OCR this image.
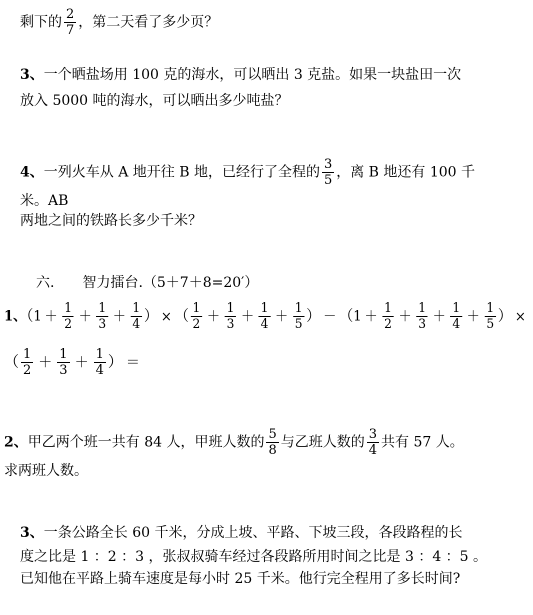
剩下的 $\frac{2}{7}$ ，第二天看了多少页？
3、一个晒盐场用 100 克的海水，可以晒出 3 克盐。如果一块盐田一次
放入 5000 吨的海水，可以晒出多少吨盐？
4、一列火车从 A 地开往 B 地，已经行了全程的 $\frac{3}{5}$ ，离 B 地还有 100 千
米。AB
两地之间的铁路长多少千米？
六. 智力擂台.（5＋7＋8=20′）
1、（$1 + \frac{1}{2} + \frac{1}{3} + \frac{1}{4}$ ） × （ $\frac{1}{2} + \frac{1}{3} + \frac{1}{4} + \frac{1}{5}$ ） － （$1 + \frac{1}{2} + \frac{1}{3} + \frac{1}{4} + \frac{1}{5}$ ） ×
（ $\frac{1}{2} + \frac{1}{3} + \frac{1}{4}$ ） ＝
2、甲乙两个班一共有 84 人，甲班人数的 $\frac{5}{8}$ 与乙班人数的 $\frac{3}{4}$ 共有 57 人。
求两班人数。
3、一条公路全长 60 千米，分成上坡、平路、下坡三段，各段路程的长
度之比是 1 ：2 ：3 ，张叔叔骑车经过各段路所用时间之比是 3 ：4 ：5 。
已知他在平路上骑车速度是每小时 25 千米。他行完全程用了多长时间?
